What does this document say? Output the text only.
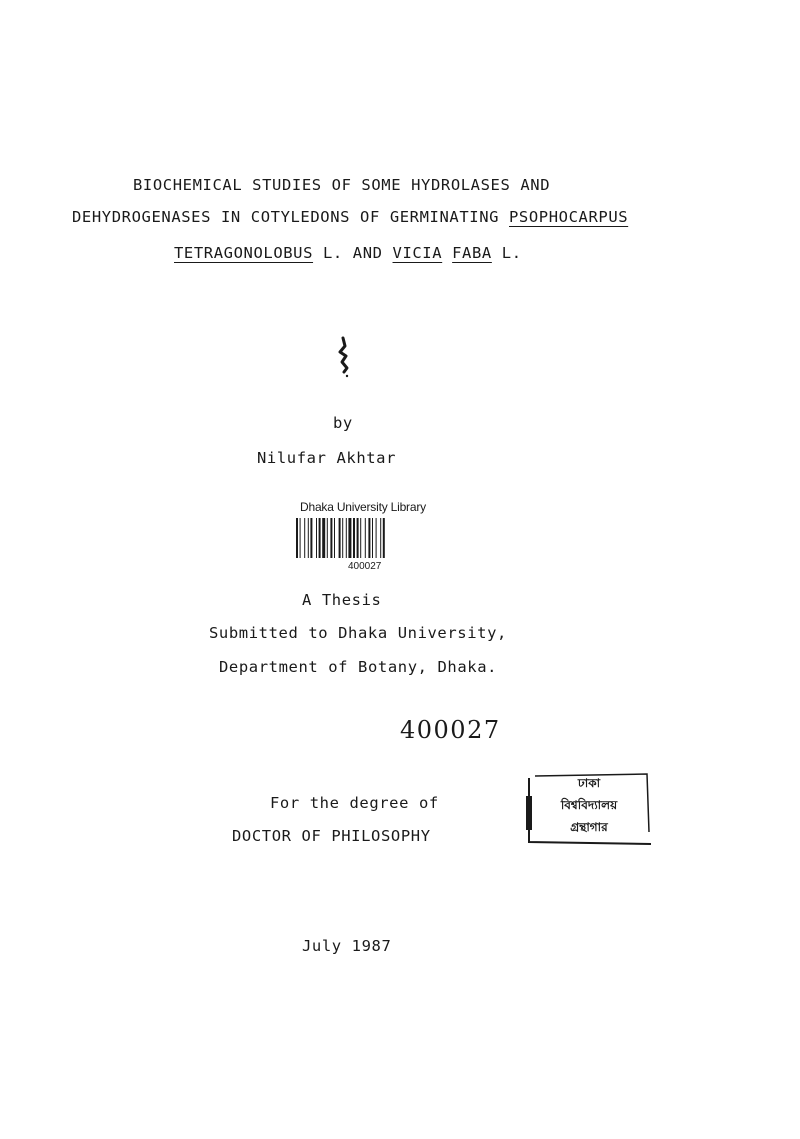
BIOCHEMICAL STUDIES OF SOME HYDROLASES AND
DEHYDROGENASES IN COTYLEDONS OF GERMINATING PSOPHOCARPUS
TETRAGONOLOBUS L. AND VICIA FABA L.
by
Nilufar Akhtar
Dhaka University Library
400027
A Thesis
Submitted to Dhaka University,
Department of Botany, Dhaka.
400027
For the degree of
DOCTOR OF PHILOSOPHY
ঢাকা
বিশ্ববিদ্যালয়
গ্রন্থাগার
July 1987
